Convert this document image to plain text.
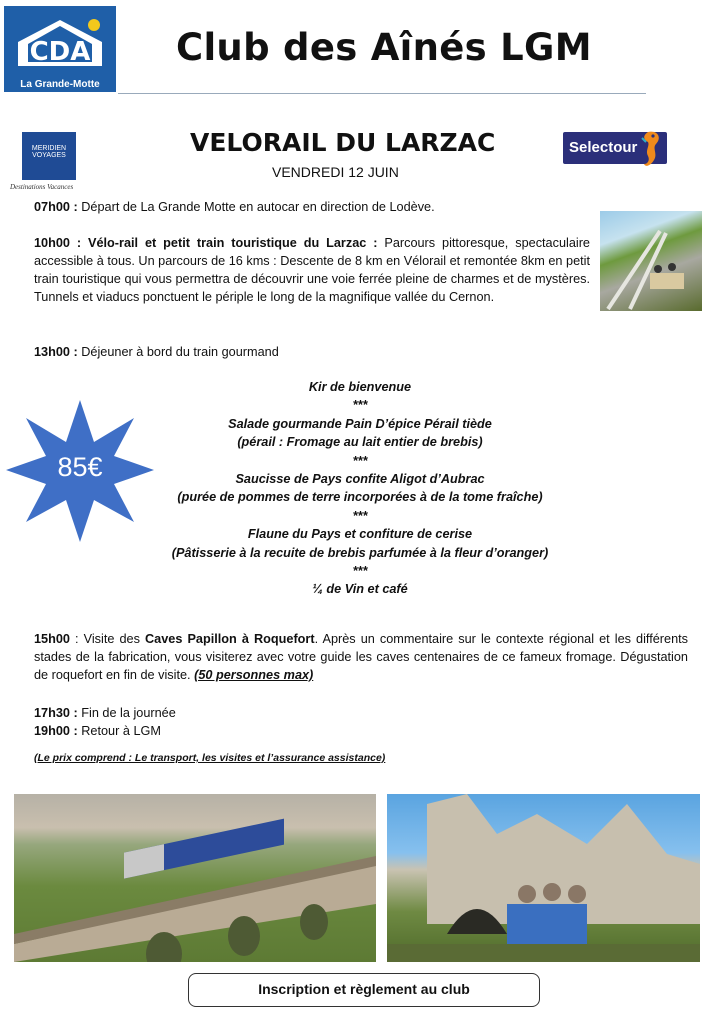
CDA
La Grande-Motte
Club des Aînés LGM
MERIDIEN
VOYAGES
Destinations Vacances
VELORAIL DU LARZAC
VENDREDI 12 JUIN
Selectour
07h00 : Départ de La Grande Motte en autocar en direction de Lodève.
10h00 : Vélo-rail et petit train touristique du Larzac : Parcours pittoresque, spectaculaire accessible à tous. Un parcours de 16 kms : Descente de 8 km en Vélorail et remontée 8km en petit train touristique qui vous permettra de découvrir une voie ferrée pleine de charmes et de mystères. Tunnels et viaducs ponctuent le périple le long de la magnifique vallée du Cernon.
13h00 : Déjeuner à bord du train gourmand
Kir de bienvenue
***
Salade gourmande Pain D’épice Pérail tiède
(pérail : Fromage au lait entier de brebis)
***
Saucisse de Pays confite Aligot d’Aubrac
(purée de pommes de terre incorporées à de la tome fraîche)
***
Flaune du Pays et confiture de cerise
(Pâtisserie à la recuite de brebis parfumée à la fleur d’oranger)
***
¼ de Vin et café
85€
15h00 : Visite des Caves Papillon à Roquefort. Après un commentaire sur le contexte régional et les différents stades de la fabrication, vous visiterez avec votre guide les caves centenaires de ce fameux fromage. Dégustation de roquefort en fin de visite. (50 personnes max)
17h30 : Fin de la journée
19h00 : Retour à LGM
(Le prix comprend : Le transport, les visites et l’assurance assistance)
Inscription et règlement au club
